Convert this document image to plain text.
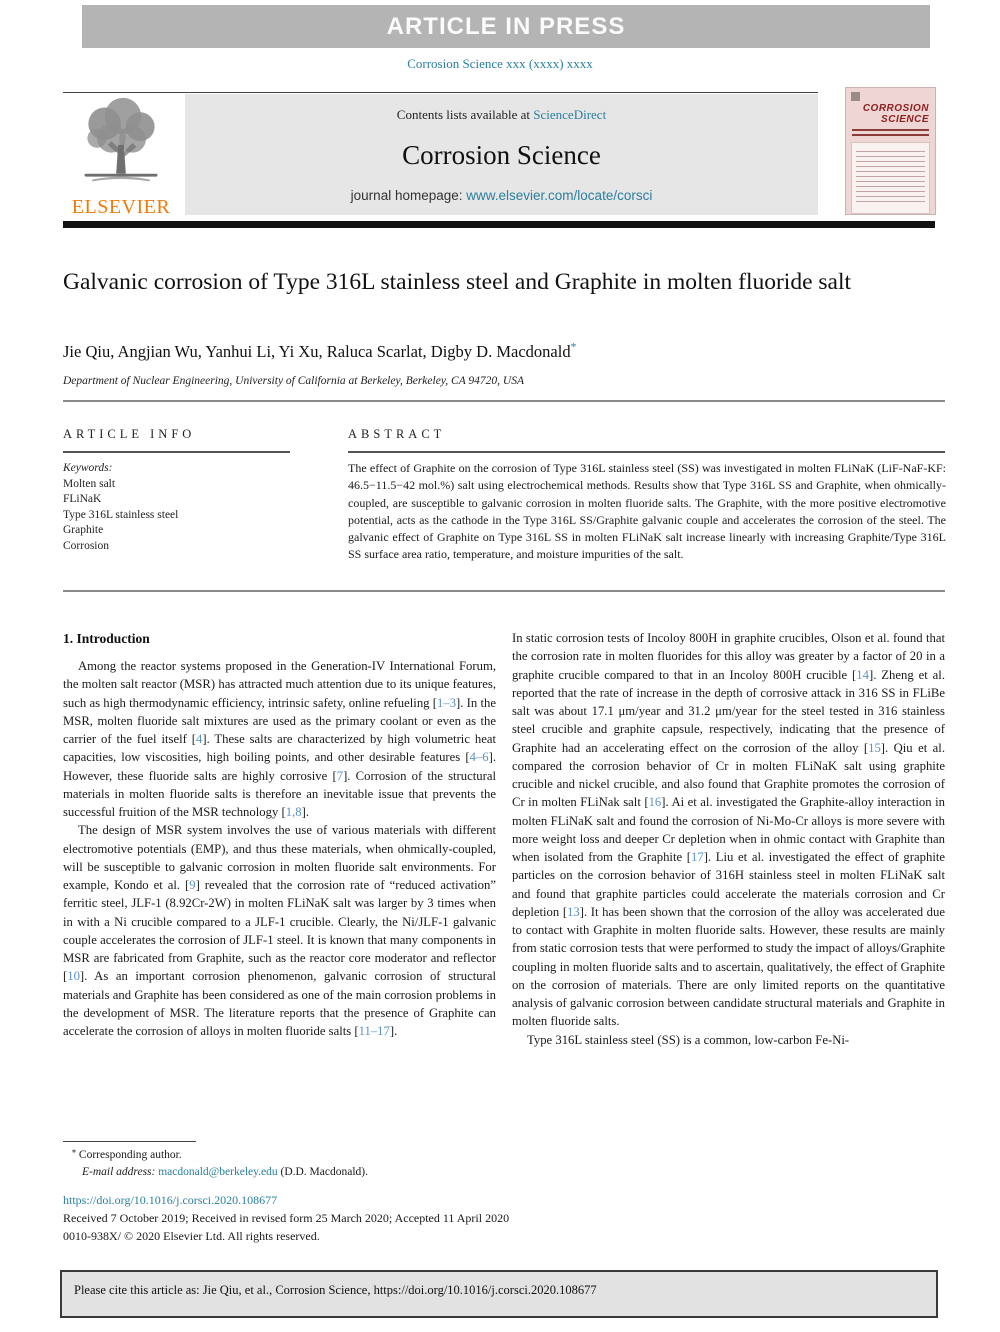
ARTICLE IN PRESS
Corrosion Science xxx (xxxx) xxxx
ELSEVIER
Contents lists available at ScienceDirect
Corrosion Science
journal homepage: www.elsevier.com/locate/corsci
CORROSION
SCIENCE
Galvanic corrosion of Type 316L stainless steel and Graphite in molten fluoride salt
Jie Qiu, Angjian Wu, Yanhui Li, Yi Xu, Raluca Scarlat, Digby D. Macdonald*
Department of Nuclear Engineering, University of California at Berkeley, Berkeley, CA 94720, USA
ARTICLE INFO	ABSTRACT
Keywords:
Molten salt
FLiNaK
Type 316L stainless steel
Graphite
Corrosion
The effect of Graphite on the corrosion of Type 316L stainless steel (SS) was investigated in molten FLiNaK (LiF-NaF-KF: 46.5−11.5−42 mol.%) salt using electrochemical methods. Results show that Type 316L SS and Graphite, when ohmically-coupled, are susceptible to galvanic corrosion in molten fluoride salts. The Graphite, with the more positive electromotive potential, acts as the cathode in the Type 316L SS/Graphite galvanic couple and accelerates the corrosion of the steel. The galvanic effect of Graphite on Type 316L SS in molten FLiNaK salt increase linearly with increasing Graphite/Type 316L SS surface area ratio, temperature, and moisture impurities of the salt.
1. Introduction

Among the reactor systems proposed in the Generation-IV International Forum, the molten salt reactor (MSR) has attracted much attention due to its unique features, such as high thermodynamic efficiency, intrinsic safety, online refueling [1–3]. In the MSR, molten fluoride salt mixtures are used as the primary coolant or even as the carrier of the fuel itself [4]. These salts are characterized by high volumetric heat capacities, low viscosities, high boiling points, and other desirable features [4–6]. However, these fluoride salts are highly corrosive [7]. Corrosion of the structural materials in molten fluoride salts is therefore an inevitable issue that prevents the successful fruition of the MSR technology [1,8].

The design of MSR system involves the use of various materials with different electromotive potentials (EMP), and thus these materials, when ohmically-coupled, will be susceptible to galvanic corrosion in molten fluoride salt environments. For example, Kondo et al. [9] revealed that the corrosion rate of “reduced activation” ferritic steel, JLF-1 (8.92Cr-2W) in molten FLiNaK salt was larger by 3 times when in with a Ni crucible compared to a JLF-1 crucible. Clearly, the Ni/JLF-1 galvanic couple accelerates the corrosion of JLF-1 steel. It is known that many components in MSR are fabricated from Graphite, such as the reactor core moderator and reflector [10]. As an important corrosion phenomenon, galvanic corrosion of structural materials and Graphite has been considered as one of the main corrosion problems in the development of MSR. The literature reports that the presence of Graphite can accelerate the corrosion of alloys in molten fluoride salts [11–17].

In static corrosion tests of Incoloy 800H in graphite crucibles, Olson et al. found that the corrosion rate in molten fluorides for this alloy was greater by a factor of 20 in a graphite crucible compared to that in an Incoloy 800H crucible [14]. Zheng et al. reported that the rate of increase in the depth of corrosive attack in 316 SS in FLiBe salt was about 17.1 μm/year and 31.2 μm/year for the steel tested in 316 stainless steel crucible and graphite capsule, respectively, indicating that the presence of Graphite had an accelerating effect on the corrosion of the alloy [15]. Qiu et al. compared the corrosion behavior of Cr in molten FLiNaK salt using graphite crucible and nickel crucible, and also found that Graphite promotes the corrosion of Cr in molten FLiNak salt [16]. Ai et al. investigated the Graphite-alloy interaction in molten FLiNaK salt and found the corrosion of Ni-Mo-Cr alloys is more severe with more weight loss and deeper Cr depletion when in ohmic contact with Graphite than when isolated from the Graphite [17]. Liu et al. investigated the effect of graphite particles on the corrosion behavior of 316H stainless steel in molten FLiNaK salt and found that graphite particles could accelerate the materials corrosion and Cr depletion [13]. It has been shown that the corrosion of the alloy was accelerated due to contact with Graphite in molten fluoride salts. However, these results are mainly from static corrosion tests that were performed to study the impact of alloys/Graphite coupling in molten fluoride salts and to ascertain, qualitatively, the effect of Graphite on the corrosion of materials. There are only limited reports on the quantitative analysis of galvanic corrosion between candidate structural materials and Graphite in molten fluoride salts.

Type 316L stainless steel (SS) is a common, low-carbon Fe-Ni-

⁎ Corresponding author.
E-mail address: macdonald@berkeley.edu (D.D. Macdonald).
https://doi.org/10.1016/j.corsci.2020.108677
Received 7 October 2019; Received in revised form 25 March 2020; Accepted 11 April 2020
0010-938X/ © 2020 Elsevier Ltd. All rights reserved.
Please cite this article as: Jie Qiu, et al., Corrosion Science, https://doi.org/10.1016/j.corsci.2020.108677
